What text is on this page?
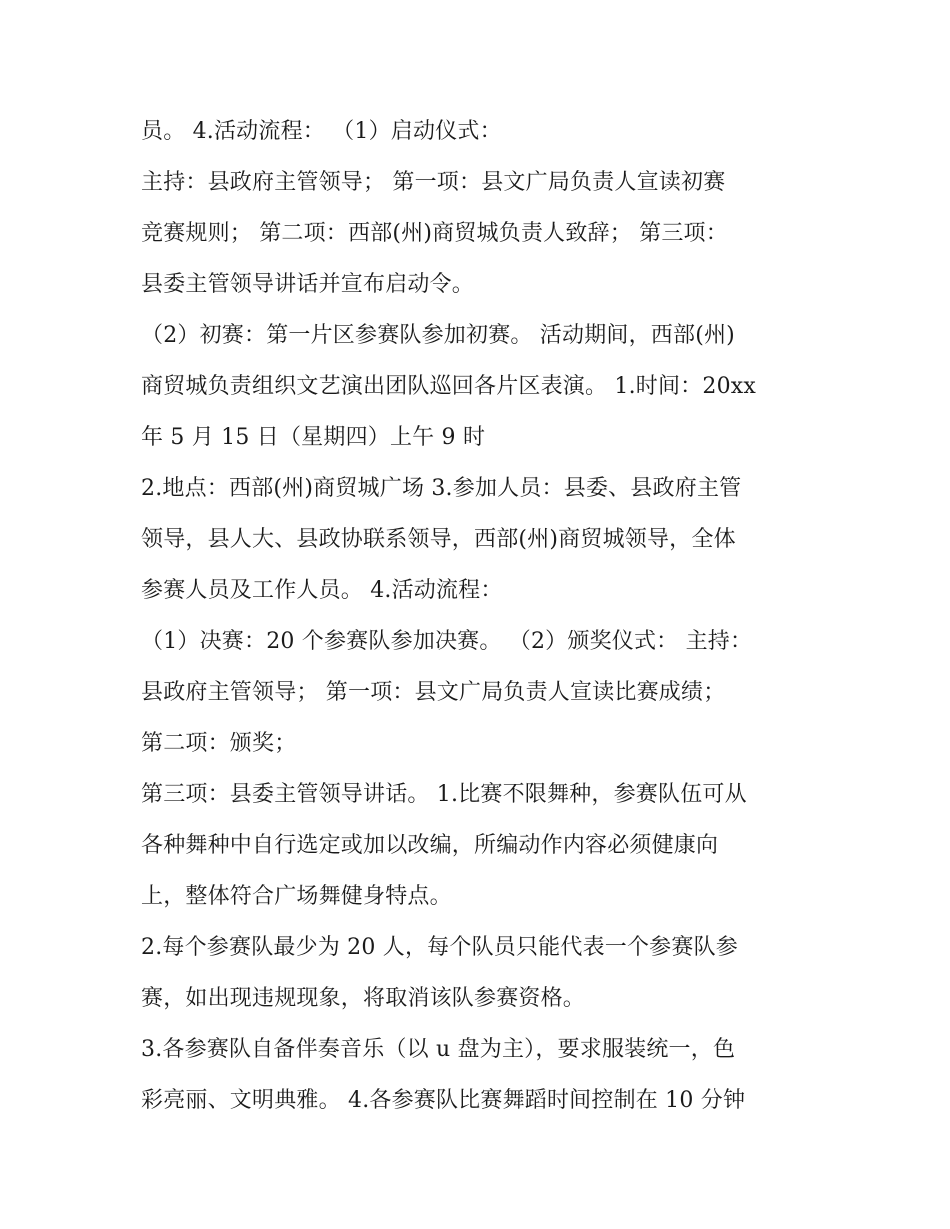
员。 4.活动流程： （1）启动仪式：
主持：县政府主管领导； 第一项：县文广局负责人宣读初赛
竞赛规则； 第二项：西部(州)商贸城负责人致辞； 第三项：
县委主管领导讲话并宣布启动令。
（2）初赛：第一片区参赛队参加初赛。 活动期间，西部(州)
商贸城负责组织文艺演出团队巡回各片区表演。 1.时间：20xx
年 5 月 15 日（星期四）上午 9 时
2.地点：西部(州)商贸城广场 3.参加人员：县委、县政府主管
领导，县人大、县政协联系领导，西部(州)商贸城领导，全体
参赛人员及工作人员。 4.活动流程：
（1）决赛：20 个参赛队参加决赛。 （2）颁奖仪式： 主持：
县政府主管领导； 第一项：县文广局负责人宣读比赛成绩；
第二项：颁奖；
第三项：县委主管领导讲话。 1.比赛不限舞种，参赛队伍可从
各种舞种中自行选定或加以改编，所编动作内容必须健康向
上，整体符合广场舞健身特点。
2.每个参赛队最少为 20 人，每个队员只能代表一个参赛队参
赛，如出现违规现象，将取消该队参赛资格。
3.各参赛队自备伴奏音乐（以 u 盘为主），要求服装统一，色
彩亮丽、文明典雅。 4.各参赛队比赛舞蹈时间控制在 10 分钟
